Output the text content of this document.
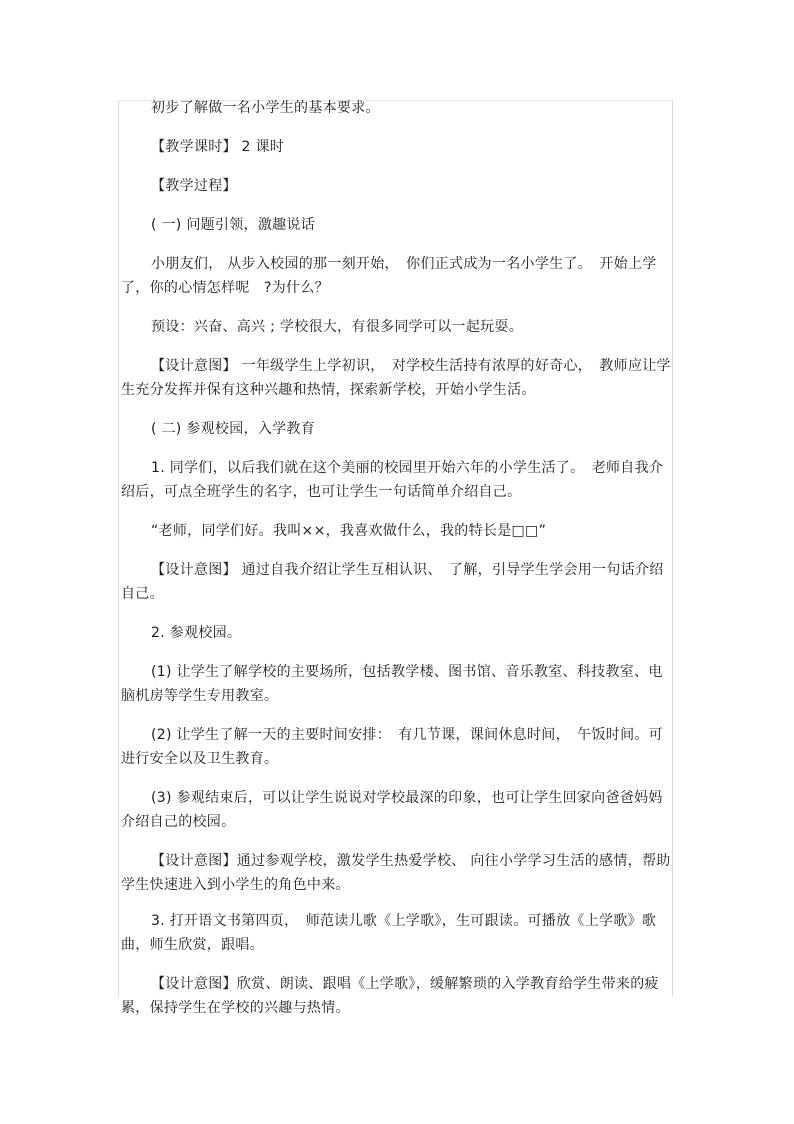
初步了解做一名小学生的基本要求。
【教学课时】 2 课时
【教学过程】
( 一) 问题引领，激趣说话
小朋友们， 从步入校园的那一刻开始，　你们正式成为一名小学生了。　开始上学了，你的心情怎样呢　?为什么？
预设：兴奋、高兴 ; 学校很大，有很多同学可以一起玩耍。
【设计意图】 一年级学生上学初识，　对学校生活持有浓厚的好奇心，　教师应让学生充分发挥并保有这种兴趣和热情，探索新学校，开始小学生活。
( 二) 参观校园，入学教育
1. 同学们，以后我们就在这个美丽的校园里开始六年的小学生活了。　老师自我介绍后，可点全班学生的名字，也可让学生一句话简单介绍自己。
“老师，同学们好。我叫××，我喜欢做什么，我的特长是□□”
【设计意图】 通过自我介绍让学生互相认识、　了解，引导学生学会用一句话介绍自己。
2. 参观校园。
(1) 让学生了解学校的主要场所，包括教学楼、图书馆、音乐教室、科技教室、电脑机房等学生专用教室。
(2) 让学生了解一天的主要时间安排：　有几节课，课间休息时间，　午饭时间。可进行安全以及卫生教育。
(3) 参观结束后，可以让学生说说对学校最深的印象，也可让学生回家向爸爸妈妈介绍自己的校园。
【设计意图】通过参观学校，激发学生热爱学校、 向往小学学习生活的感情，帮助学生快速进入到小学生的角色中来。
3. 打开语文书第四页，　师范读儿歌《上学歌》，生可跟读。可播放《上学歌》歌曲，师生欣赏，跟唱。
【设计意图】欣赏、朗读、跟唱《上学歌》，缓解繁琐的入学教育给学生带来的疲累，保持学生在学校的兴趣与热情。
